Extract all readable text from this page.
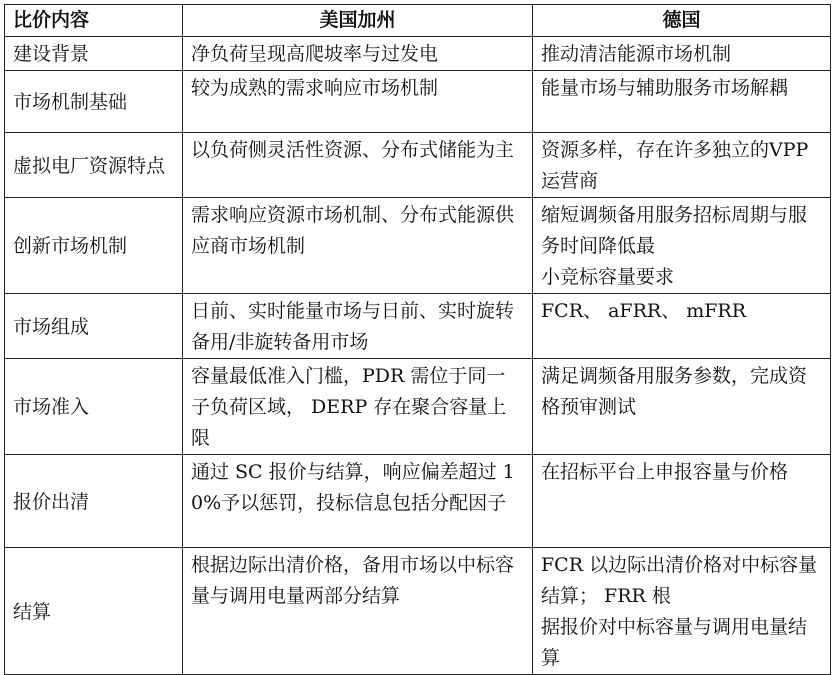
比价内容	美国加州	德国

建设背景	净负荷呈现高爬坡率与过发电	推动清洁能源市场机制

市场机制基础	较为成熟的需求响应市场机制	能量市场与辅助服务市场解耦

虚拟电厂资源特点	以负荷侧灵活性资源、分布式储能为主	资源多样，存在许多独立的VPP 运营商

创新市场机制	需求响应资源市场机制、分布式能源供应商市场机制	缩短调频备用服务招标周期与服务时间降低最
小竞标容量要求

市场组成	日前、实时能量市场与日前、实时旋转备用/非旋转备用市场	FCR、 aFRR、 mFRR

市场准入	容量最低准入门槛，PDR 需位于同一子负荷区域， DERP 存在聚合容量上限	满足调频备用服务参数，完成资格预审测试

报价出清	通过 SC 报价与结算，响应偏差超过 10%予以惩罚，投标信息包括分配因子	在招标平台上申报容量与价格

结算	根据边际出清价格，备用市场以中标容量与调用电量两部分结算	FCR 以边际出清价格对中标容量结算； FRR 根
据报价对中标容量与调用电量结算
